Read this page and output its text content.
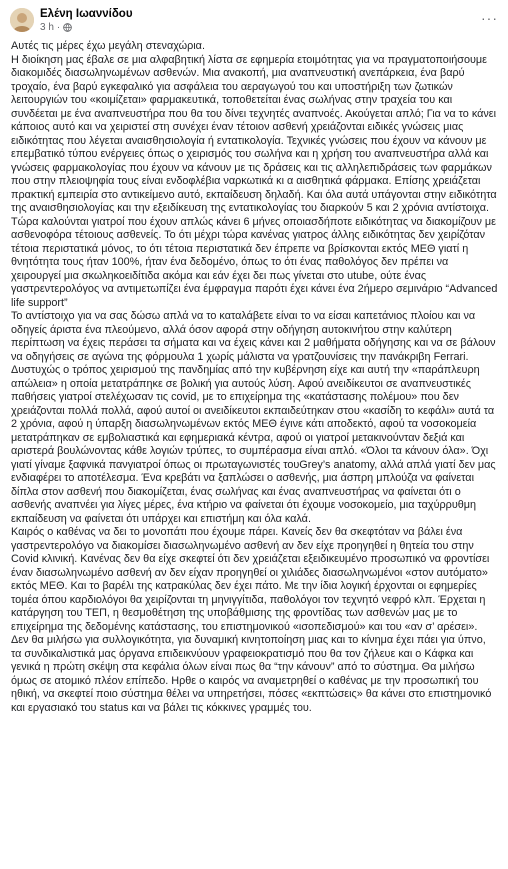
Ελένη Ιωαννίδου
3 h ·
···

Αυτές τις μέρες έχω μεγάλη στεναχώρια.

Η διοίκηση μας έβαλε σε μια αλφαβητική λίστα σε εφημερία ετοιμότητας για να πραγματοποιήσουμε διακομιδές διασωληνωμένων ασθενών. Μια ανακοπή, μια αναπνευστική ανεπάρκεια, ένα βαρύ τροχαίο, ένα βαρύ εγκεφαλικό για ασφάλεια του αεραγωγού του και υποστήριξη των ζωτικών λειτουργιών του «κοιμίζεται» φαρμακευτικά, τοποθετείται ένας σωλήνας στην τραχεία του και συνδέεται με ένα αναπνευστήρα που θα του δίνει τεχνητές αναπνοές. Ακούγεται απλό; Για να το κάνει κάποιος αυτό και να χειριστεί στη συνέχει έναν τέτοιον ασθενή χρειάζονται ειδικές γνώσεις μιας ειδικότητας που λέγεται αναισθησιολογία ή εντατικολογία. Τεχνικές γνώσεις που έχουν να κάνουν με επεμβατικό τύπου ενέργειες όπως ο χειρισμός του σωλήνα και η χρήση του αναπνευστήρα αλλά και γνώσεις φαρμακολογίας που έχουν να κάνουν με τις δράσεις και τις αλληλεπιδράσεις των φαρμάκων που στην πλειοψηφία τους είναι ενδοφλέβια ναρκωτικά κι α αισθητικά φάρμακα. Επίσης χρειάζεται πρακτική εμπειρία στο αντικείμενο αυτό, εκπαίδευση δηλαδή. Και όλα αυτά υπάγονται στην ειδικότητα της αναισθησιολογίας και την εξειδίκευση της εντατικολογίας του διαρκούν 5 και 2 χρόνια αντίστοιχα. Τώρα καλούνται γιατροί που έχουν απλώς κάνει 6 μήνες οποιασδήποτε ειδικότητας να διακομίζουν με ασθενοφόρα τέτοιους ασθενείς. Το ότι μέχρι τώρα κανένας γιατρος άλλης ειδικότητας δεν χειρίζόταν τέτοια περιστατικά μόνος, το ότι τέτοια περιστατικά δεν έπρεπε να βρίσκονται εκτός ΜΕΘ γιατί η θνητότητα τους ήταν 100%, ήταν ένα δεδομένο, όπως το ότι ένας παθολόγος δεν πρέπει να χειρουργεί μια σκωληκοειδίτιδα ακόμα και εάν έχει δει πως γίνεται στο utube, ούτε ένας γαστρεντερολόγος να αντιμετωπίζει ένα έμφραγμα παρότι έχει κάνει ένα 2ήμερο σεμινάριο “Advanced life support”

Το αντίστοιχο για να σας δώσω απλά να το καταλάβετε είναι το να είσαι καπετάνιος πλοίου και να οδηγείς άριστα ένα πλεούμενο, αλλά όσον αφορά στην οδήγηση αυτοκινήτου στην καλύτερη περίπτωση να έχεις περάσει τα σήματα και να έχεις κάνει και 2 μαθήματα οδήγησης και να σε βάλουν να οδηγήσεις σε αγώνα της φόρμουλα 1 χωρίς μάλιστα να γρατζουνίσεις την πανάκριβη Ferrari.

Δυστυχώς ο τρόπος χειρισμού της πανδημίας από την κυβέρνηση είχε και αυτή την «παράπλευρη απώλεια» η οποία μετατράπηκε σε βολική για αυτούς λύση. Αφού ανειδίκευτοι σε αναπνευστικές παθήσεις γιατροί στελέχωσαν τις covid, με το επιχείρημα της «κατάστασης πολέμου» που δεν χρειάζονται πολλά πολλά, αφού αυτοί οι ανειδίκευτοι εκπαιδεύτηκαν στου «κασίδη το κεφάλι» αυτά τα 2 χρόνια, αφού η ύπαρξη διασωληνωμένων εκτός ΜΕΘ έγινε κάτι αποδεκτό, αφού τα νοσοκομεία μετατράπηκαν σε εμβολιαστικά και εφημεριακά κέντρα, αφού οι γιατροί μετακινούνταν δεξιά και αριστερά βουλώνοντας κάθε λογιών τρύπες, το συμπέρασμα είναι απλό. «Όλοι τα κάνουν όλα». Όχι γιατί γίναμε ξαφνικά πανγιατροί όπως οι πρωταγωνιστές τουGrey’s anatomy, αλλά απλά γιατί δεν μας ενδιαφέρει το αποτέλεσμα. Ένα κρεβάτι να ξαπλώσει ο ασθενής, μια άσπρη μπλούζα να φαίνεται δίπλα στον ασθενή που διακομίζεται, ένας σωλήνας και ένας αναπνευστήρας να φαίνεται ότι ο ασθενής αναπνέει για λίγες μέρες, ένα κτήριο να φαίνεται ότι έχουμε νοσοκομείο, μια ταχύρρυθμη εκπαίδευση να φαίνεται ότι υπάρχει και επιστήμη και όλα καλά.

Καιρός ο καθένας να δει το μονοπάτι που έχουμε πάρει. Κανείς δεν θα σκεφτόταν να βάλει ένα γαστρεντερολόγο να διακομίσει διασωληνωμένο ασθενή αν δεν είχε προηγηθεί η θητεία του στην Covid κλινική. Κανένας δεν θα είχε σκεφτεί ότι δεν χρειάζεται εξειδικευμένο προσωπικό να φροντίσει έναν διασωληνωμένο ασθενή αν δεν είχαν προηγηθεί οι χιλιάδες διασωληνωμένοι «στον αυτόματο» εκτός ΜΕΘ. Και το βαρέλι της κατρακύλας δεν έχει πάτο. Με την ίδια λογική έρχονται οι εφημερίες τομέα όπου καρδιολόγοι θα χειρίζονται τη μηνιγγίτιδα, παθολόγοι τον τεχνητό νεφρό κλπ. Έρχεται η κατάργηση του ΤΕΠ, η θεσμοθέτηση της υποβάθμισης της φροντίδας των ασθενών μας με το επιχείρημα της δεδομένης κατάστασης, του επιστημονικού «ισοπεδισμού» και του «αν σ’ αρέσει».

Δεν θα μιλήσω για συλλογικότητα, για δυναμική κινητοποίηση μιας και το κίνημα έχει πάει για ύπνο, τα συνδικαλιστικά μας όργανα επιδεικνύουν γραφειοκρατισμό που θα τον ζήλευε και ο Κάφκα και γενικά η πρώτη σκέψη στα κεφάλια όλων είναι πως θα “την κάνουν” από το σύστημα. Θα μιλήσω όμως σε ατομικό πλέον επίπεδο. Ηρθε ο καιρός να αναμετρηθεί ο καθένας με την προσωπική του ηθική, να σκεφτεί ποιο σύστημα θέλει να υπηρετήσει, πόσες «εκπτώσεις» θα κάνει στο επιστημονικό και εργασιακό του status και να βάλει τις κόκκινες γραμμές του.
